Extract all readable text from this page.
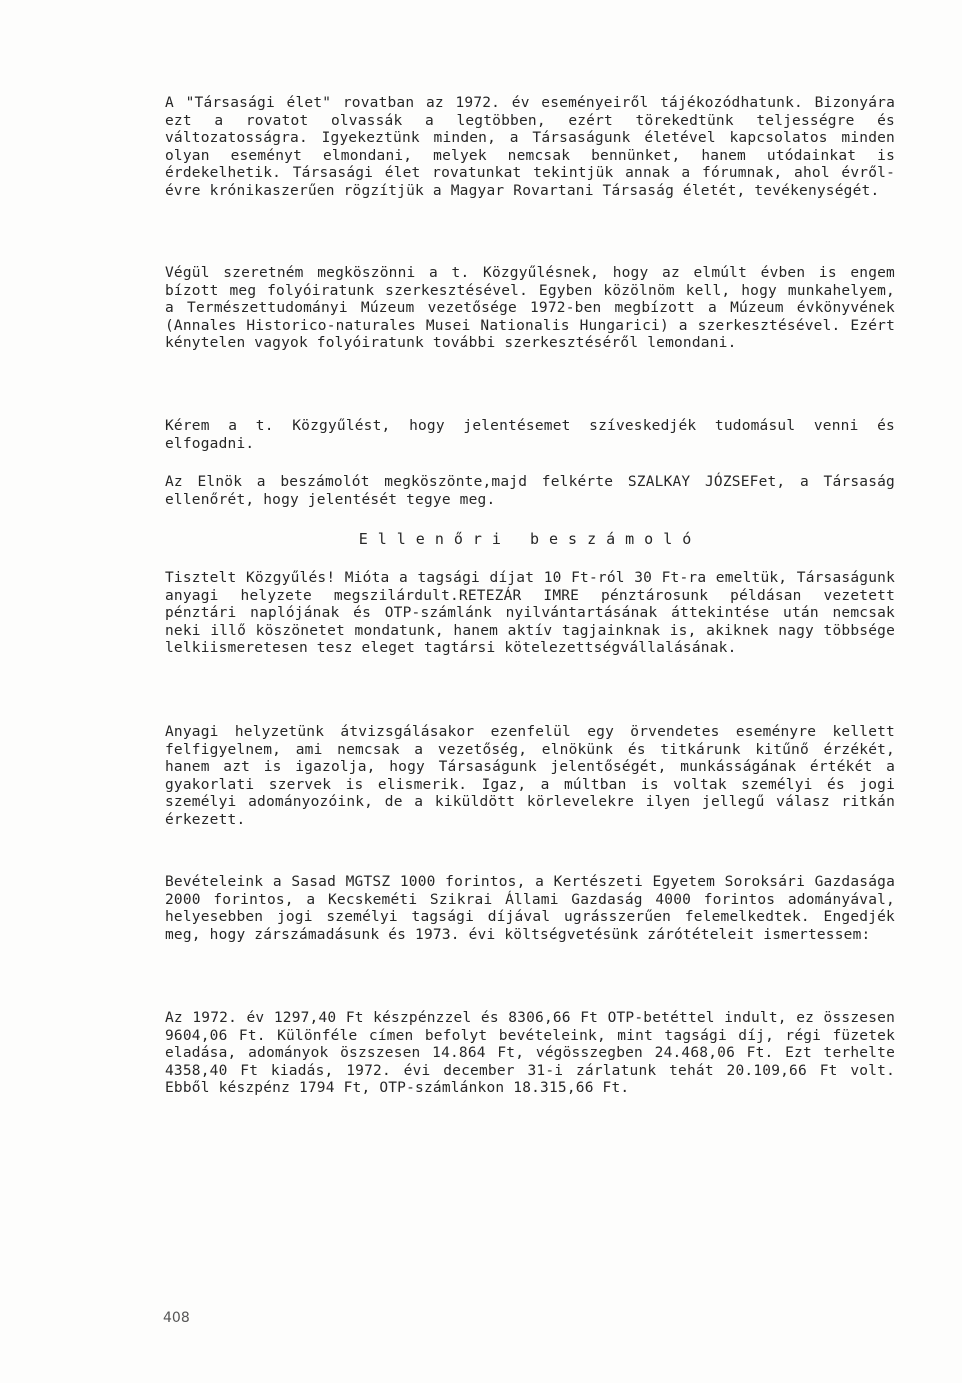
A "Társasági élet" rovatban az 1972. év eseményeiről tájékozódhatunk. Bizonyára ezt a rovatot olvassák a legtöbben, ezért törekedtünk teljességre és változatosságra. Igyekeztünk minden, a Társaságunk életével kapcsolatos minden olyan eseményt elmondani, melyek nemcsak bennünket, hanem utódainkat is érdekelhetik. Társasági élet rovatunkat tekintjük annak a fórumnak, ahol évről-évre krónikaszerűen rögzítjük a Magyar Rovartani Társaság életét, tevékenységét.
Végül szeretném megköszönni a t. Közgyűlésnek, hogy az elmúlt évben is engem bízott meg folyóiratunk szerkesztésével. Egyben közölnöm kell, hogy munkahelyem, a Természettudományi Múzeum vezetősége 1972-ben megbízott a Múzeum évkönyvének (Annales Historico-naturales Musei Nationalis Hungarici) a szerkesztésével. Ezért kénytelen vagyok folyóiratunk további szerkesztéséről lemondani.
Kérem a t. Közgyűlést, hogy jelentésemet szíveskedjék tudomásul venni és elfogadni.
Az Elnök a beszámolót megköszönte,majd felkérte SZALKAY JÓZSEFet, a Társaság ellenőrét, hogy jelentését tegye meg.
Ellenőri beszámoló
Tisztelt Közgyűlés! Mióta a tagsági díjat 10 Ft-ról 30 Ft-ra emeltük, Társaságunk anyagi helyzete megszilárdult.RETEZÁR IMRE pénztárosunk példásan vezetett pénztári naplójának és OTP-számlánk nyilvántartásának áttekintése után nemcsak neki illő köszönetet mondatunk, hanem aktív tagjainknak is, akiknek nagy többsége lelkiismeretesen tesz eleget tagtársi kötelezettségvállalásának.
Anyagi helyzetünk átvizsgálásakor ezenfelül egy örvendetes eseményre kellett felfigyelnem, ami nemcsak a vezetőség, elnökünk és titkárunk kitűnő érzékét, hanem azt is igazolja, hogy Társaságunk jelentőségét, munkásságának értékét a gyakorlati szervek is elismerik. Igaz, a múltban is voltak személyi és jogi személyi adományozóink, de a kiküldött körlevelekre ilyen jellegű válasz ritkán érkezett.
Bevételeink a Sasad MGTSZ 1000 forintos, a Kertészeti Egyetem Soroksári Gazdasága 2000 forintos, a Kecskeméti Szikrai Állami Gazdaság 4000 forintos adományával, helyesebben jogi személyi tagsági díjával ugrásszerűen felemelkedtek. Engedjék meg, hogy zárszámadásunk és 1973. évi költségvetésünk zárótételeit ismertessem:
Az 1972. év 1297,40 Ft készpénzzel és 8306,66 Ft OTP-betéttel indult, ez összesen 9604,06 Ft. Különféle címen befolyt bevételeink, mint tagsági díj, régi füzetek eladása, adományok öszszesen 14.864 Ft, végösszegben 24.468,06 Ft. Ezt terhelte 4358,40 Ft kiadás, 1972. évi december 31-i zárlatunk tehát 20.109,66 Ft volt. Ebből készpénz 1794 Ft, OTP-számlánkon 18.315,66 Ft.
408
